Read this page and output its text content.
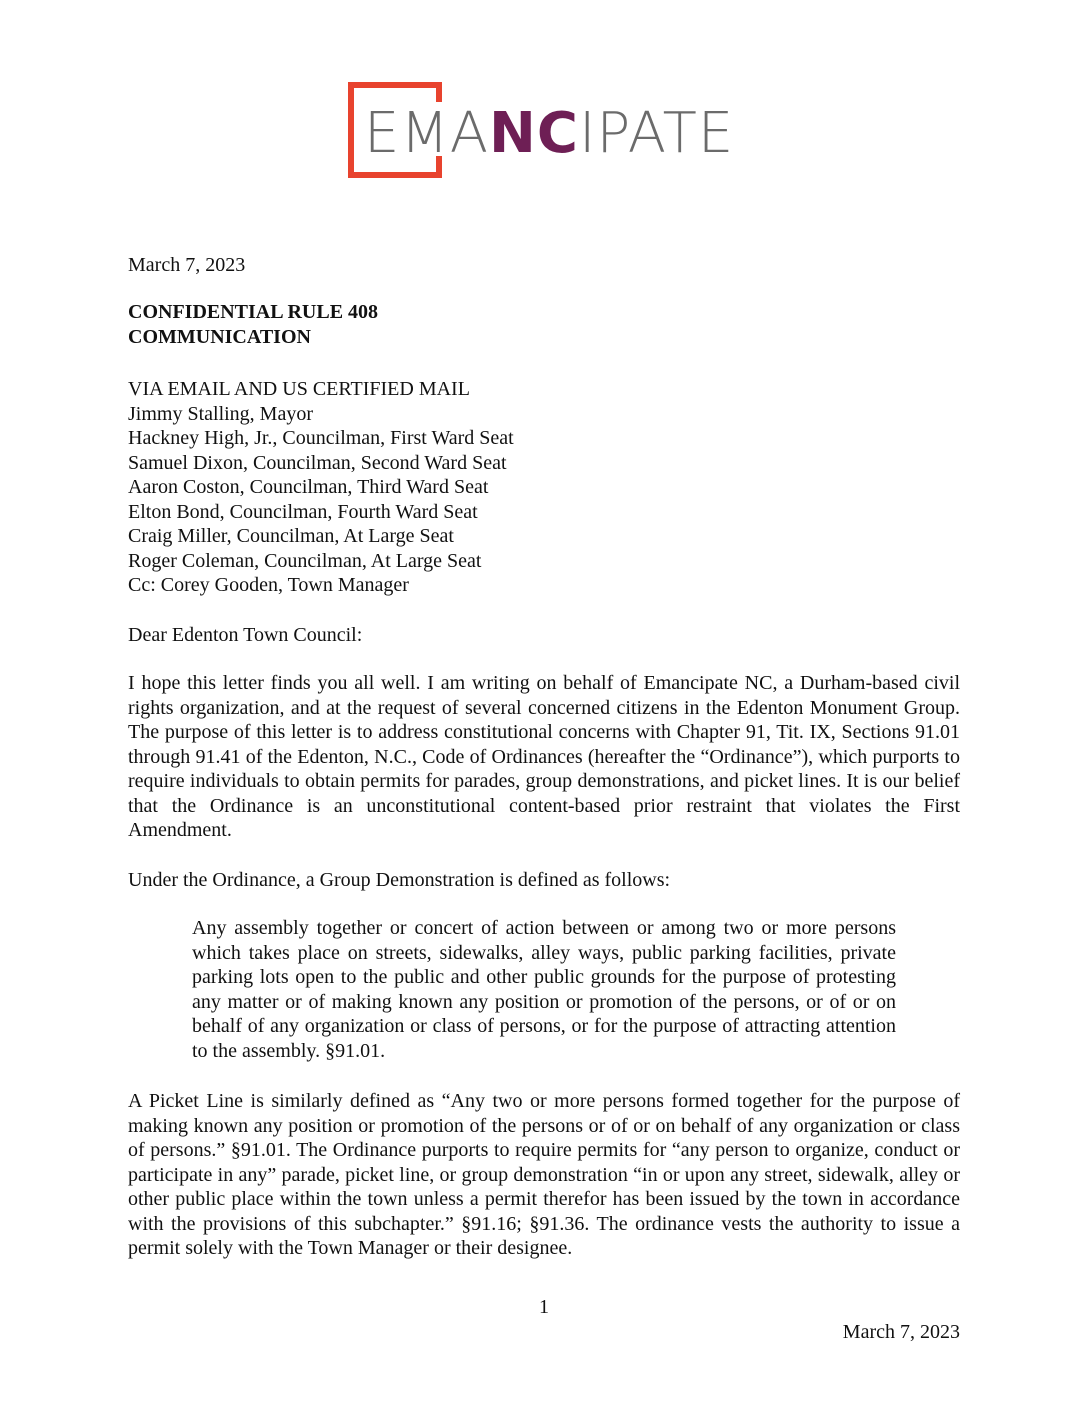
EMANCIPATE
March 7, 2023
CONFIDENTIAL RULE 408
COMMUNICATION
VIA EMAIL AND US CERTIFIED MAIL
Jimmy Stalling, Mayor
Hackney High, Jr., Councilman, First Ward Seat
Samuel Dixon, Councilman, Second Ward Seat
Aaron Coston, Councilman, Third Ward Seat
Elton Bond, Councilman, Fourth Ward Seat
Craig Miller, Councilman, At Large Seat
Roger Coleman, Councilman, At Large Seat
Cc: Corey Gooden, Town Manager
Dear Edenton Town Council:
I hope this letter finds you all well. I am writing on behalf of Emancipate NC, a Durham-based civil rights organization, and at the request of several concerned citizens in the Edenton Monument Group. The purpose of this letter is to address constitutional concerns with Chapter 91, Tit. IX, Sections 91.01 through 91.41 of the Edenton, N.C., Code of Ordinances (hereafter the “Ordinance”), which purports to require individuals to obtain permits for parades, group demonstrations, and picket lines. It is our belief that the Ordinance is an unconstitutional content-based prior restraint that violates the First Amendment.
Under the Ordinance, a Group Demonstration is defined as follows:
Any assembly together or concert of action between or among two or more persons which takes place on streets, sidewalks, alley ways, public parking facilities, private parking lots open to the public and other public grounds for the purpose of protesting any matter or of making known any position or promotion of the persons, or of or on behalf of any organization or class of persons, or for the purpose of attracting attention to the assembly. §91.01.
A Picket Line is similarly defined as “Any two or more persons formed together for the purpose of making known any position or promotion of the persons or of or on behalf of any organization or class of persons.” §91.01. The Ordinance purports to require permits for “any person to organize, conduct or participate in any” parade, picket line, or group demonstration “in or upon any street, sidewalk, alley or other public place within the town unless a permit therefor has been issued by the town in accordance with the provisions of this subchapter.” §91.16; §91.36. The ordinance vests the authority to issue a permit solely with the Town Manager or their designee.
1
March 7, 2023
